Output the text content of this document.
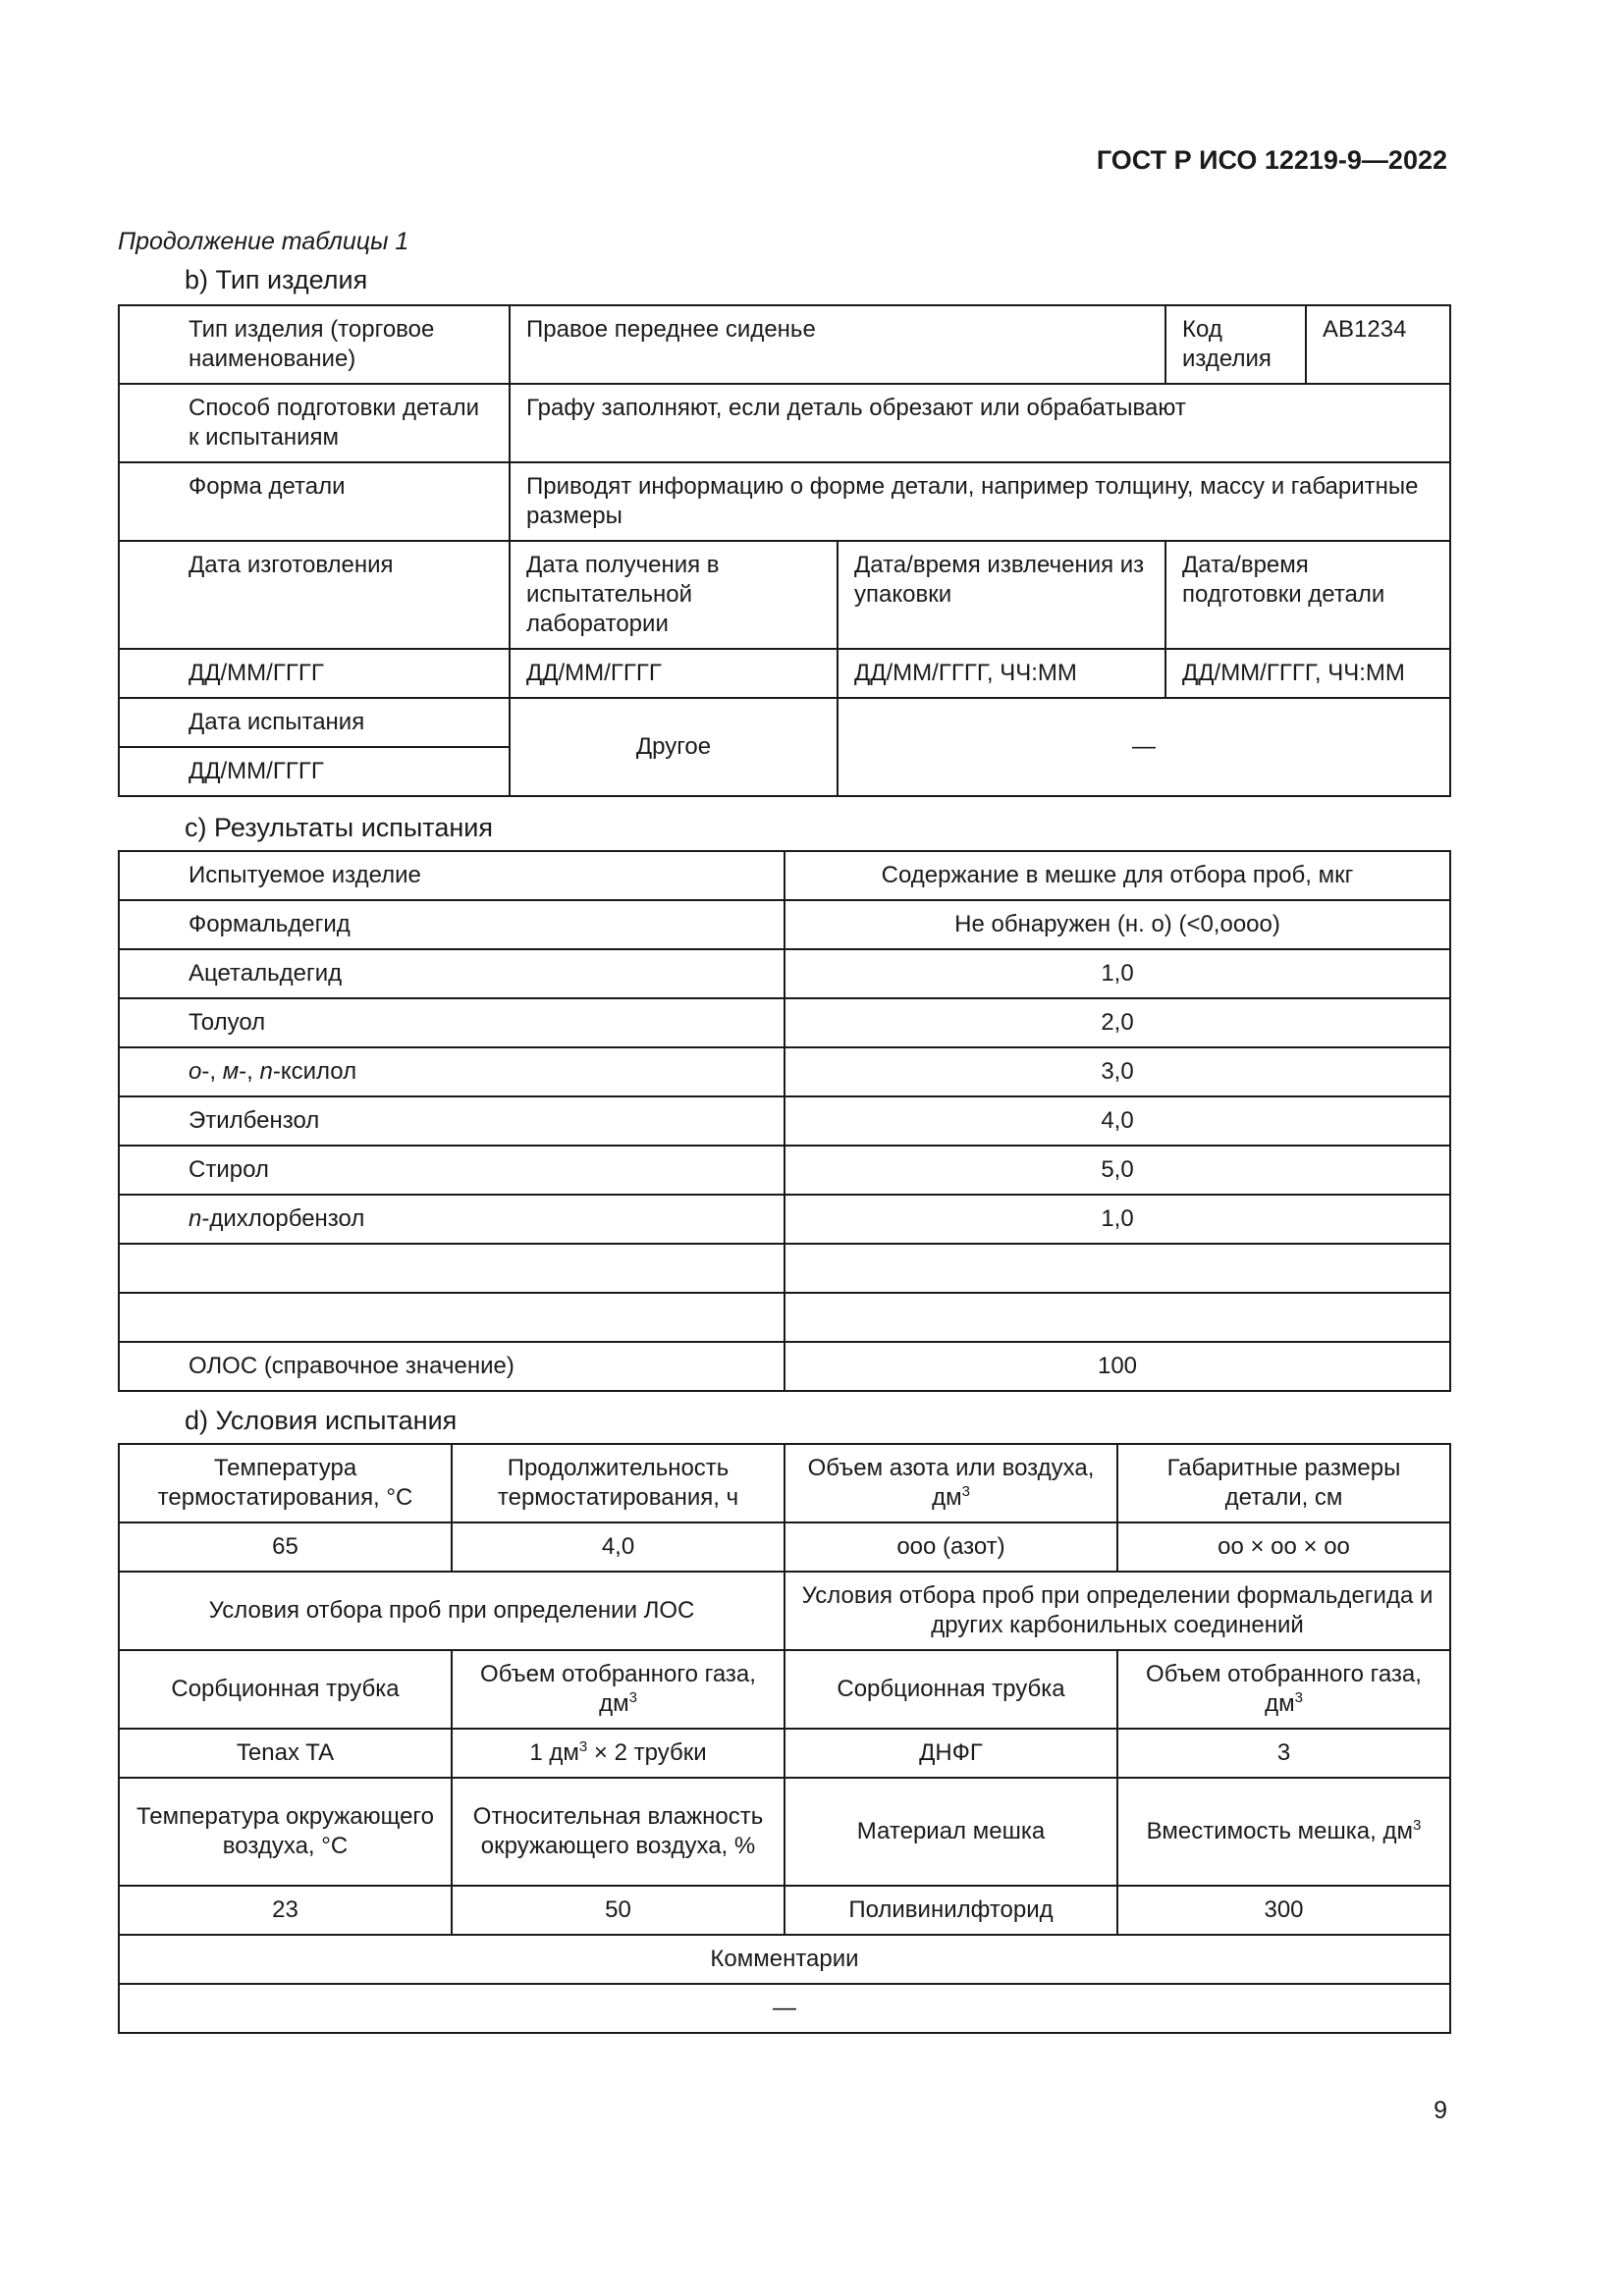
ГОСТ Р ИСО 12219-9—2022
Продолжение таблицы 1
b) Тип изделия
Тип изделия (торговое наименование)	Правое переднее сиденье		Код изделия	AB1234
Способ подготовки детали к испытаниям	Графу заполняют, если деталь обрезают или обрабатывают			
Форма детали	Приводят информацию о форме детали, например толщину, массу и габаритные размеры			
Дата изготовления	Дата получения в испытательной лаборатории	Дата/время извлечения из упаковки	Дата/время подготовки детали	
ДД/ММ/ГГГГ	ДД/ММ/ГГГГ	ДД/ММ/ГГГГ, ЧЧ:ММ	ДД/ММ/ГГГГ, ЧЧ:ММ	
Дата испытания	Другое	—		
ДД/ММ/ГГГГ				
c) Результаты испытания
Испытуемое изделие	Содержание в мешке для отбора проб, мкг
Формальдегид	Не обнаружен (н. о) (<0,оооо)
Ацетальдегид	1,0
Толуол	2,0
о-, м-, n-ксилол	3,0
Этилбензол	4,0
Стирол	5,0
n-дихлорбензол	1,0

ОЛОС (справочное значение)	100
d) Условия испытания
Температура термостатирования, °С	Продолжительность термостатирования, ч	Объем азота или воздуха, $дм^3$	Габаритные размеры детали, см
65	4,0	ооо (азот)	оо × оо × оо
Условия отбора проб при определении ЛОС		Условия отбора проб при определении формальдегида и других карбонильных соединений	
Сорбционная трубка	Объем отобранного газа, $дм^3$	Сорбционная трубка	Объем отобранного газа, $дм^3$
Tenax TA	1 $дм^3 \times 2$ трубки	ДНФГ	3
Температура окружающего воздуха, °С	Относительная влажность окружающего воздуха, %	Материал мешка	Вместимость мешка, $дм^3$
23	50	Поливинилфторид	300
Комментарии			
—			
9
